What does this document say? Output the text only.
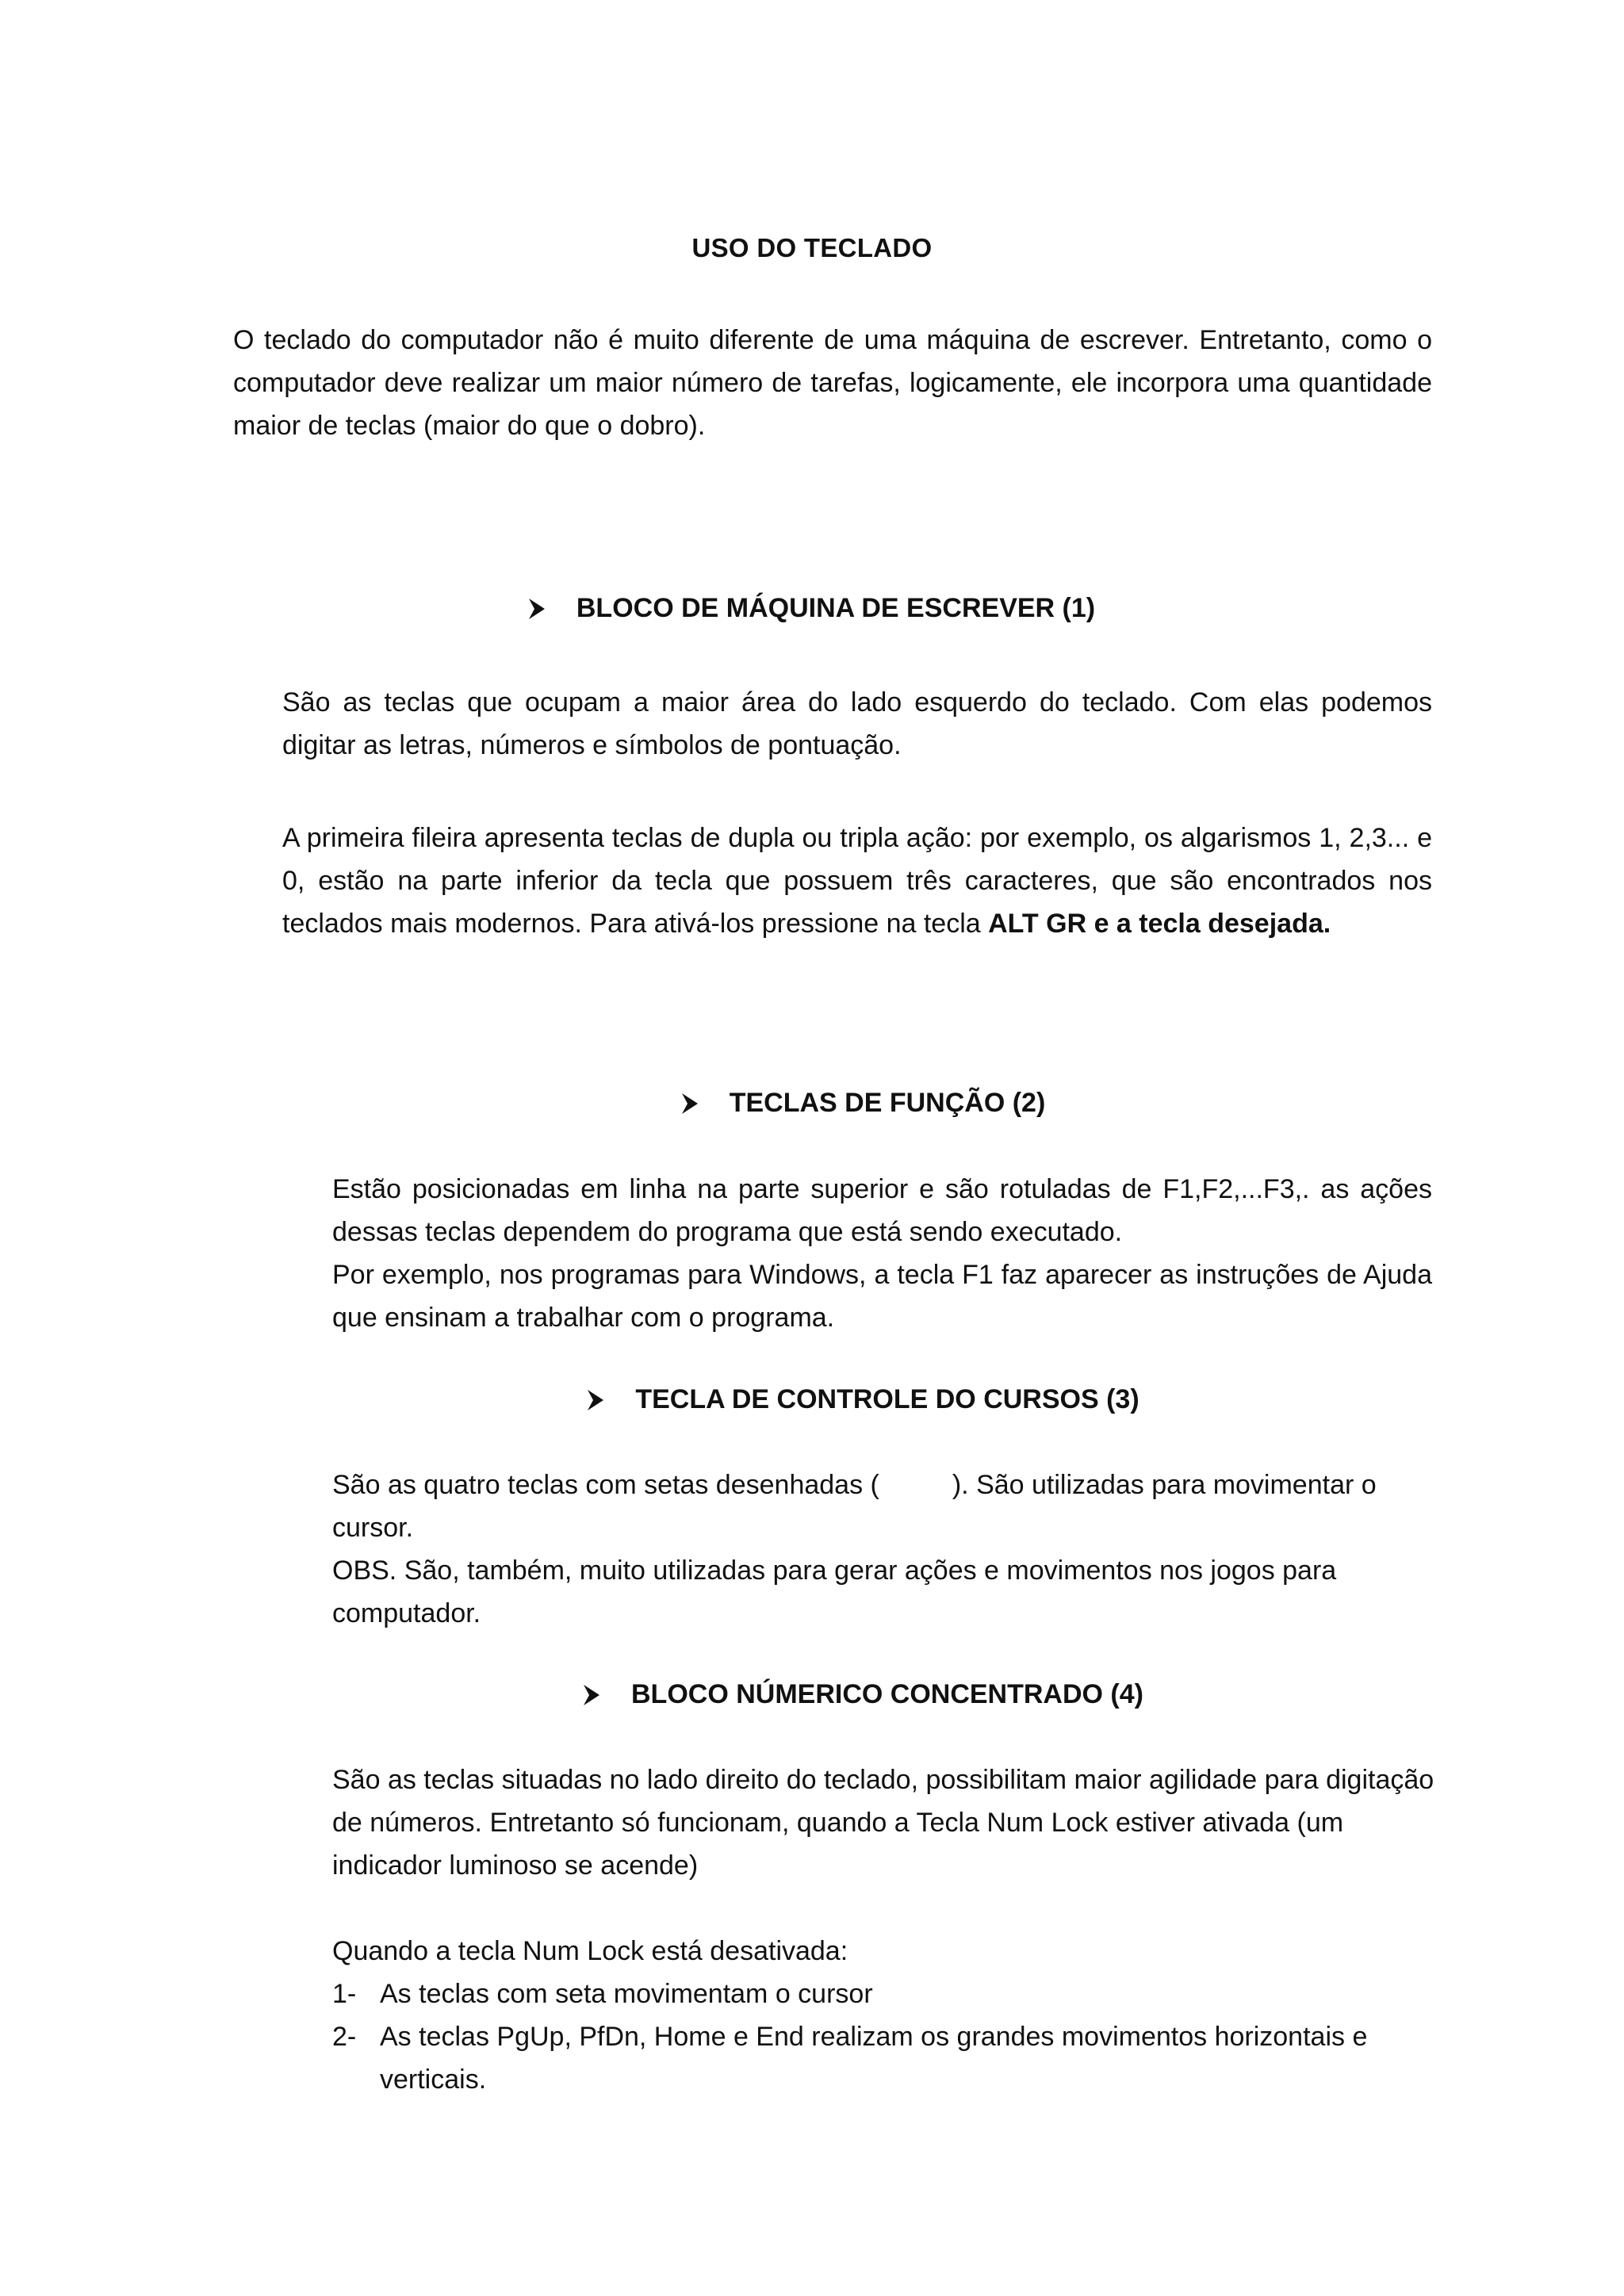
USO DO TECLADO

O teclado do computador não é muito diferente de uma máquina de escrever. Entretanto, como o computador deve realizar um maior número de tarefas, logicamente, ele incorpora uma quantidade maior de teclas (maior do que o dobro).

BLOCO DE MÁQUINA DE ESCREVER (1)

São as teclas que ocupam a maior área do lado esquerdo do teclado. Com elas podemos digitar as letras, números e símbolos de pontuação.

A primeira fileira apresenta teclas de dupla ou tripla ação: por exemplo, os algarismos 1, 2,3... e 0, estão na parte inferior da tecla que possuem três caracteres, que são encontrados nos teclados mais modernos. Para ativá-los pressione na tecla ALT GR e a tecla desejada.

TECLAS DE FUNÇÃO (2)

Estão posicionadas em linha na parte superior e são rotuladas de F1,F2,...F3,. as ações dessas teclas dependem do programa que está sendo executado.

Por exemplo, nos programas para Windows, a tecla F1 faz aparecer as instruções de Ajuda que ensinam a trabalhar com o programa.

TECLA DE CONTROLE DO CURSOS (3)

São as quatro teclas com setas desenhadas (	). São utilizadas para movimentar o cursor.

OBS. São, também, muito utilizadas para gerar ações e movimentos nos jogos para computador.

BLOCO NÚMERICO CONCENTRADO (4)

São as teclas situadas no lado direito do teclado, possibilitam maior agilidade para digitação de números. Entretanto só funcionam, quando a Tecla Num Lock estiver ativada (um indicador luminoso se acende)

Quando a tecla Num Lock está desativada:

1- As teclas com seta movimentam o cursor
2- As teclas PgUp, PfDn, Home e End realizam os grandes movimentos horizontais e verticais.
